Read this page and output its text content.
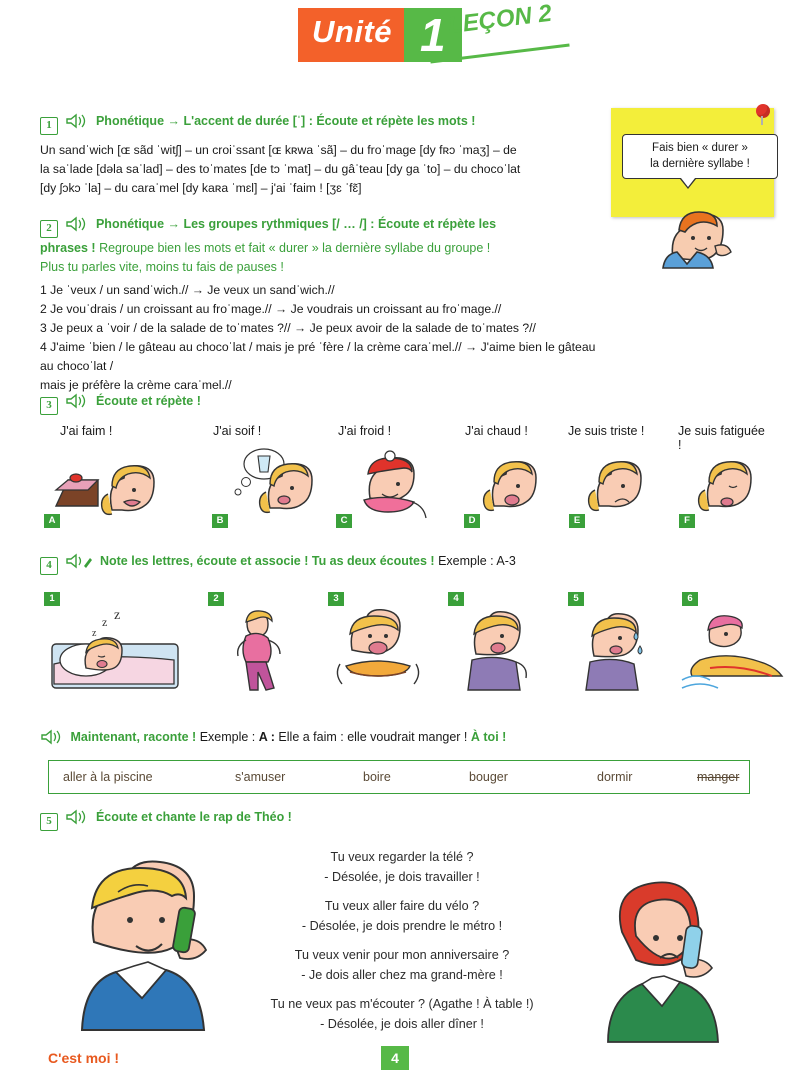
Unité 1 LEÇON 2
Fais bien « durer »
la dernière syllabe !
1	Phonétique → L'accent de durée [ˈ] : Écoute et répète les mots !
Un sandˈwich [ɶ sãd ˈwitʃ] – un croiˈssant [ɶ kʀwa ˈsã] – du froˈmage [dy fʀɔ ˈmaʒ] – de
la saˈlade [dəla saˈlad] – des toˈmates [de tɔ ˈmat] – du gâˈteau [dy ga ˈto] – du chocoˈlat
[dy ʃɔkɔ ˈla] – du caraˈmel [dy kaʀa ˈmɛl] – j'ai ˈfaim ! [ʒɛ ˈfɛ̃]
2	Phonétique → Les groupes rythmiques [/ … /] : Écoute et répète les
phrases ! Regroupe bien les mots et fait « durer » la dernière syllabe du groupe !
Plus tu parles vite, moins tu fais de pauses !
1 Je ˈveux / un sandˈwich.// → Je veux un sandˈwich.//
2 Je vouˈdrais / un croissant au froˈmage.// → Je voudrais un croissant au froˈmage.//
3 Je peux a ˈvoir / de la salade de toˈmates ?// → Je peux avoir de la salade de toˈmates ?//
4 J'aime ˈbien / le gâteau au chocoˈlat / mais je pré ˈfère / la crème caraˈmel.// → J'aime bien le gâteau au chocoˈlat /
mais je préfère la crème caraˈmel.//
3	Écoute et répète !
J'ai faim !	J'ai soif !	J'ai froid !	J'ai chaud !	Je suis triste !	Je suis fatiguée !
A	B	C	D	E	F
4	Note les lettres, écoute et associe ! Tu as deux écoutes ! Exemple : A-3
1	2	3	4	5	6
z z
z
Maintenant, raconte ! Exemple : A : Elle a faim : elle voudrait manger ! À toi !
aller à la piscine	s'amuser	boire	bouger	dormir	manger
5	Écoute et chante le rap de Théo !

Tu veux regarder la télé ?
- Désolée, je dois travailler !

Tu veux aller faire du vélo ?
- Désolée, je dois prendre le métro !

Tu veux venir pour mon anniversaire ?
- Je dois aller chez ma grand-mère !

Tu ne veux pas m'écouter ? (Agathe ! À table !)
- Désolée, je dois aller dîner !

C'est moi !	4
